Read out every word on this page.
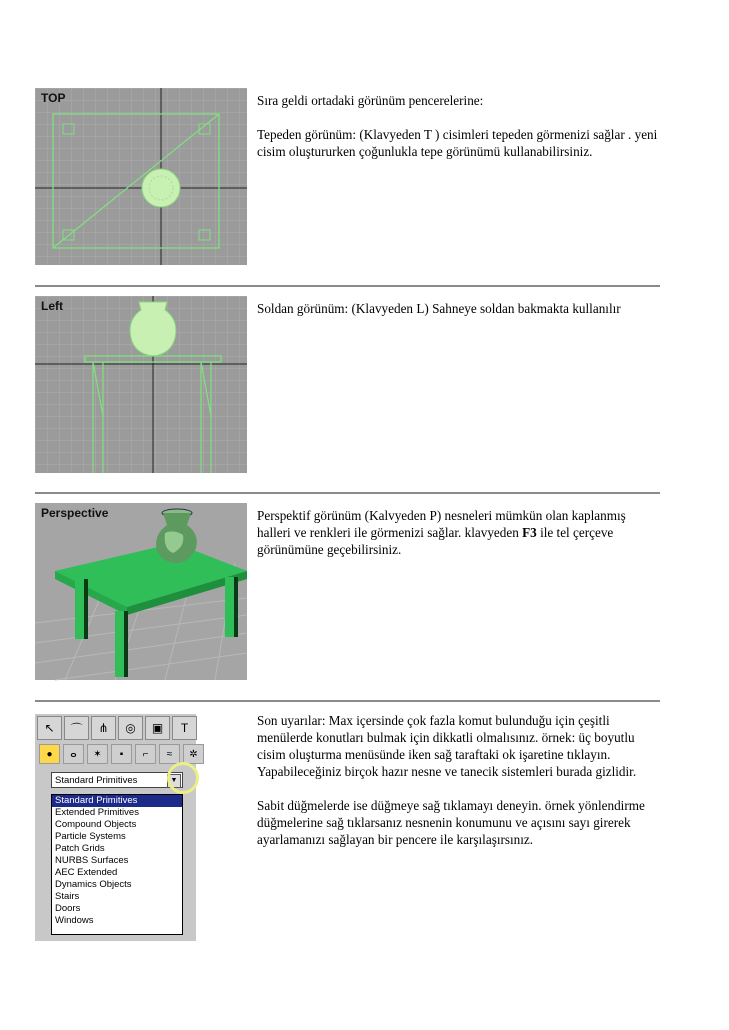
TOP	Sıra geldi ortadaki görünüm pencerelerine:

Tepeden görünüm: (Klavyeden T ) cisimleri tepeden görmenizi sağlar . yeni cisim oluştururken çoğunlukla tepe görünümü kullanabilirsiniz.

Left	Soldan görünüm: (Klavyeden L) Sahneye soldan bakmakta kullanılır

Perspective	Perspektif görünüm (Kalvyeden P) nesneleri mümkün olan kaplanmış halleri ve renkleri ile görmenizi sağlar. klavyeden F3 ile tel çerçeve görünümüne geçebilirsiniz.

↖	⌒	⋔	◎	▣	T
●	ⴰ	✶	▪	⌐	≈	✲
Standard Primitives	▼
Standard Primitives
Extended Primitives
Compound Objects
Particle Systems
Patch Grids
NURBS Surfaces
AEC Extended
Dynamics Objects
Stairs
Doors
Windows

Son uyarılar: Max içersinde çok fazla komut bulunduğu için çeşitli menülerde konutları bulmak için dikkatli olmalısınız. örnek: üç boyutlu cisim oluşturma menüsünde iken sağ taraftaki ok işaretine tıklayın. Yapabileceğiniz birçok hazır nesne ve tanecik sistemleri burada gizlidir.

Sabit düğmelerde ise düğmeye sağ tıklamayı deneyin. örnek yönlendirme düğmelerine sağ tıklarsanız nesnenin konumunu ve açısını sayı girerek ayarlamanızı sağlayan bir pencere ile karşılaşırsınız.
